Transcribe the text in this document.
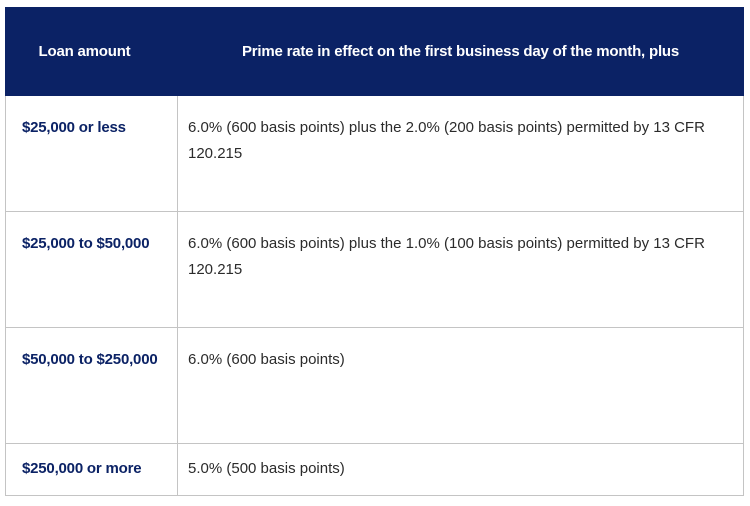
Loan amount	Prime rate in effect on the first business day of the month, plus
$25,000 or less	6.0% (600 basis points) plus the 2.0% (200 basis points) permitted by 13 CFR 120.215
$25,000 to $50,000	6.0% (600 basis points) plus the 1.0% (100 basis points) permitted by 13 CFR 120.215
$50,000 to $250,000	6.0% (600 basis points)
$250,000 or more	5.0% (500 basis points)
